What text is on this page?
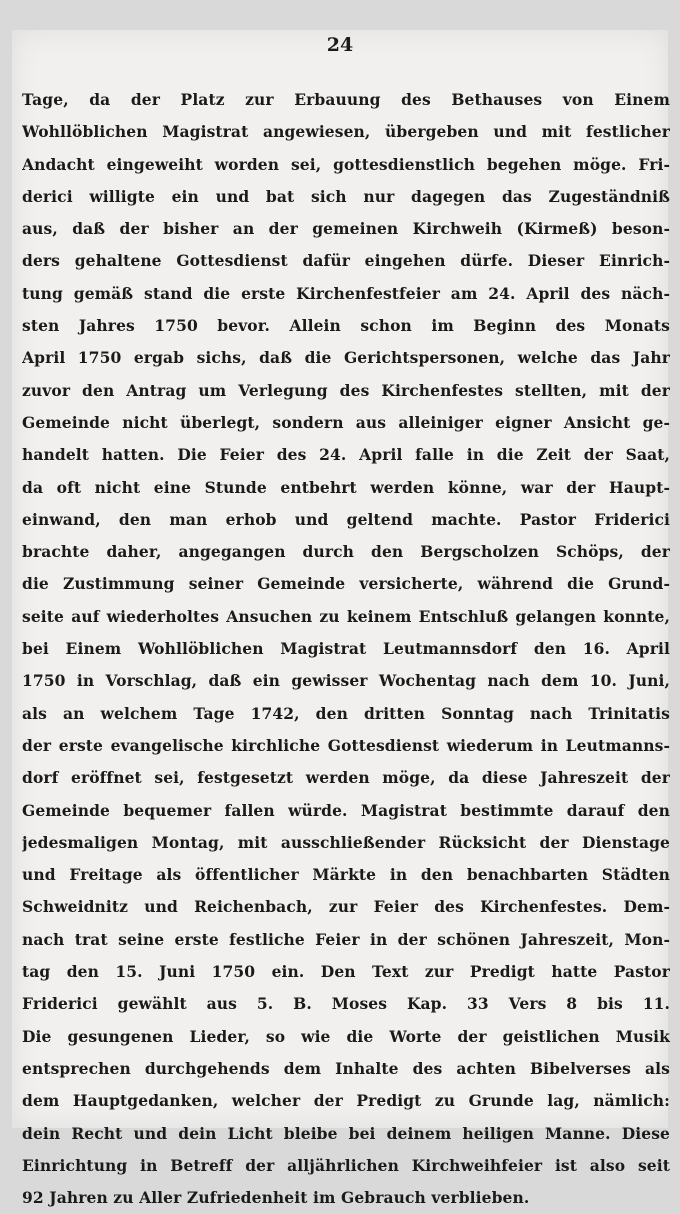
24
Tage, da der Platz zur Erbauung des Bethauses von Einem
Wohllöblichen Magistrat angewiesen, übergeben und mit festlicher
Andacht eingeweiht worden sei, gottesdienstlich begehen möge. Fri-
derici willigte ein und bat sich nur dagegen das Zugeständniß
aus, daß der bisher an der gemeinen Kirchweih (Kirmeß) beson-
ders gehaltene Gottesdienst dafür eingehen dürfe. Dieser Einrich-
tung gemäß stand die erste Kirchenfestfeier am 24. April des näch-
sten Jahres 1750 bevor. Allein schon im Beginn des Monats
April 1750 ergab sichs, daß die Gerichtspersonen, welche das Jahr
zuvor den Antrag um Verlegung des Kirchenfestes stellten, mit der
Gemeinde nicht überlegt, sondern aus alleiniger eigner Ansicht ge-
handelt hatten. Die Feier des 24. April falle in die Zeit der Saat,
da oft nicht eine Stunde entbehrt werden könne, war der Haupt-
einwand, den man erhob und geltend machte. Pastor Friderici
brachte daher, angegangen durch den Bergscholzen Schöps, der
die Zustimmung seiner Gemeinde versicherte, während die Grund-
seite auf wiederholtes Ansuchen zu keinem Entschluß gelangen konnte,
bei Einem Wohllöblichen Magistrat Leutmannsdorf den 16. April
1750 in Vorschlag, daß ein gewisser Wochentag nach dem 10. Juni,
als an welchem Tage 1742, den dritten Sonntag nach Trinitatis
der erste evangelische kirchliche Gottesdienst wiederum in Leutmanns-
dorf eröffnet sei, festgesetzt werden möge, da diese Jahreszeit der
Gemeinde bequemer fallen würde. Magistrat bestimmte darauf den
jedesmaligen Montag, mit ausschließender Rücksicht der Dienstage
und Freitage als öffentlicher Märkte in den benachbarten Städten
Schweidnitz und Reichenbach, zur Feier des Kirchenfestes. Dem-
nach trat seine erste festliche Feier in der schönen Jahreszeit, Mon-
tag den 15. Juni 1750 ein. Den Text zur Predigt hatte Pastor
Friderici gewählt aus 5. B. Moses Kap. 33 Vers 8 bis 11.
Die gesungenen Lieder, so wie die Worte der geistlichen Musik
entsprechen durchgehends dem Inhalte des achten Bibelverses als
dem Hauptgedanken, welcher der Predigt zu Grunde lag, nämlich:
dein Recht und dein Licht bleibe bei deinem heiligen Manne. Diese
Einrichtung in Betreff der alljährlichen Kirchweihfeier ist also seit
92 Jahren zu Aller Zufriedenheit im Gebrauch verblieben.
